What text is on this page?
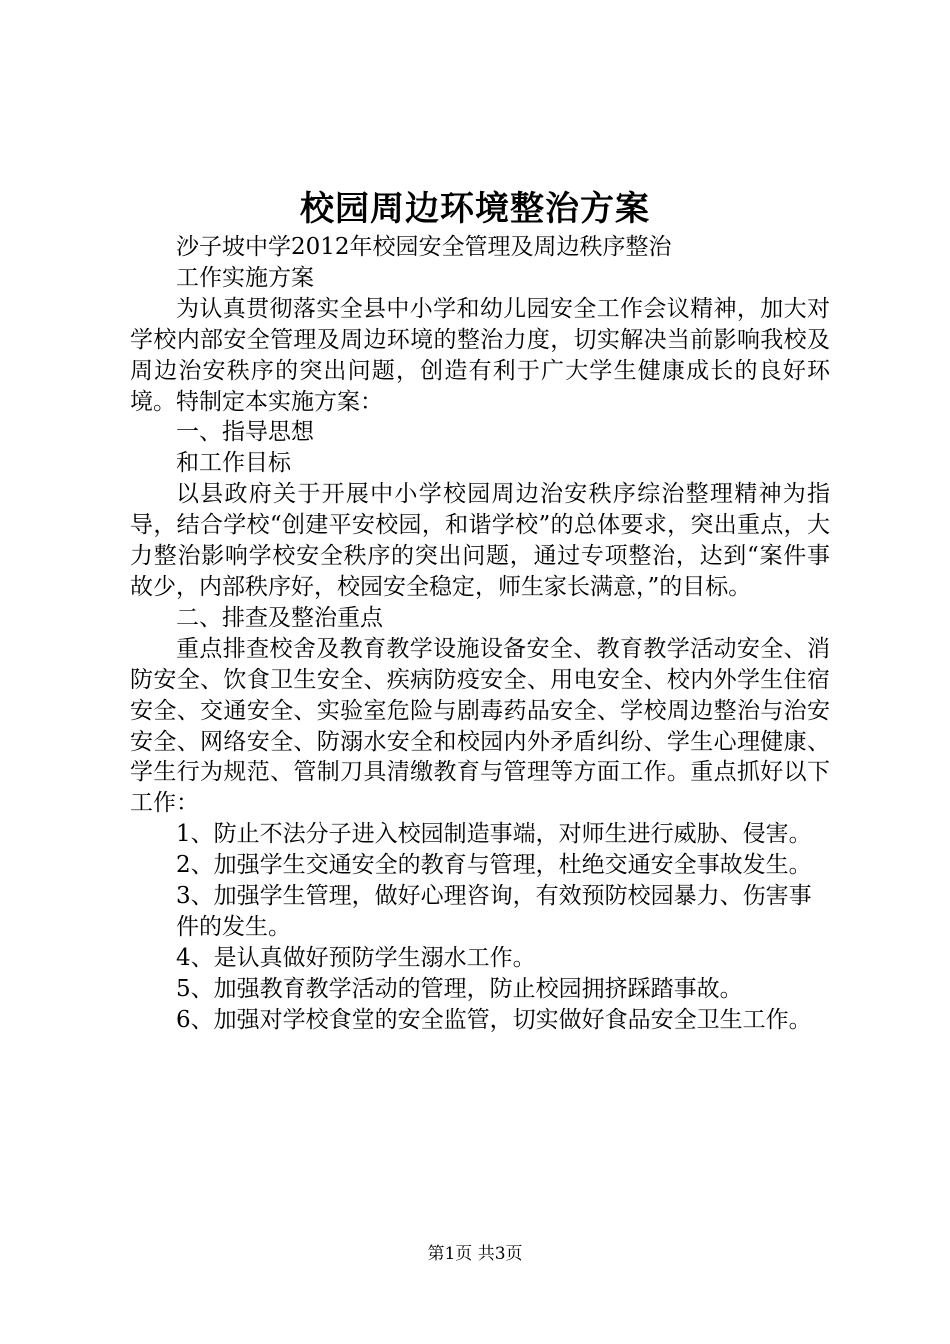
校园周边环境整治方案

沙子坡中学2012年校园安全管理及周边秩序整治

工作实施方案

为认真贯彻落实全县中小学和幼儿园安全工作会议精神，加大对学校内部安全管理及周边环境的整治力度，切实解决当前影响我校及周边治安秩序的突出问题，创造有利于广大学生健康成长的良好环境。特制定本实施方案：

一、指导思想

和工作目标

以县政府关于开展中小学校园周边治安秩序综治整理精神为指导，结合学校“创建平安校园，和谐学校”的总体要求，突出重点，大力整治影响学校安全秩序的突出问题，通过专项整治，达到“案件事故少，内部秩序好，校园安全稳定，师生家长满意，”的目标。

二、排查及整治重点

重点排查校舍及教育教学设施设备安全、教育教学活动安全、消防安全、饮食卫生安全、疾病防疫安全、用电安全、校内外学生住宿安全、交通安全、实验室危险与剧毒药品安全、学校周边整治与治安安全、网络安全、防溺水安全和校园内外矛盾纠纷、学生心理健康、学生行为规范、管制刀具清缴教育与管理等方面工作。重点抓好以下工作：

1、防止不法分子进入校园制造事端，对师生进行威胁、侵害。

2、加强学生交通安全的教育与管理，杜绝交通安全事故发生。

3、加强学生管理，做好心理咨询，有效预防校园暴力、伤害事

件的发生。

4、是认真做好预防学生溺水工作。

5、加强教育教学活动的管理，防止校园拥挤踩踏事故。

6、加强对学校食堂的安全监管，切实做好食品安全卫生工作。

第1页 共3页
